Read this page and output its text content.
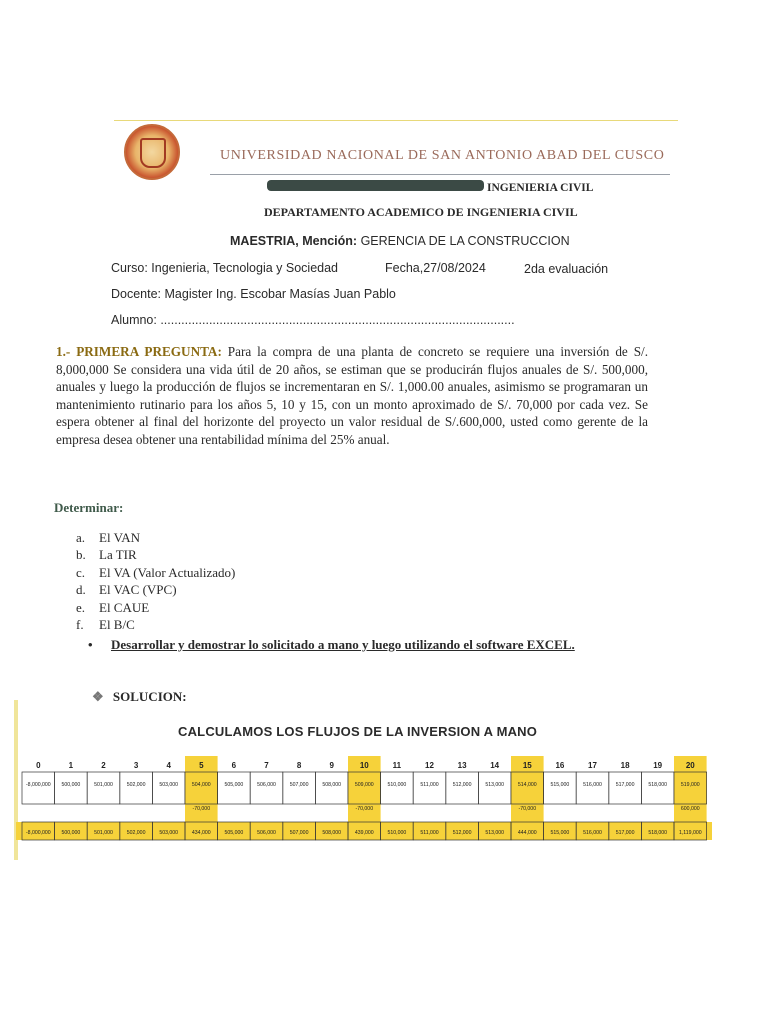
UNIVERSIDAD NACIONAL DE SAN ANTONIO ABAD DEL CUSCO
INGENIERIA CIVIL
DEPARTAMENTO ACADEMICO DE INGENIERIA CIVIL
MAESTRIA, Mención: GERENCIA DE LA CONSTRUCCION
Curso: Ingenieria, Tecnologia y Sociedad	Fecha,27/08/2024	2da evaluación
Docente: Magister Ing. Escobar Masías Juan Pablo
Alumno: ......................................................................................................
1.- PRIMERA PREGUNTA: Para la compra de una planta de concreto se requiere una inversión de S/. 8,000,000 Se considera una vida útil de 20 años, se estiman que se producirán flujos anuales de S/. 500,000, anuales y luego la producción de flujos se incrementaran en S/. 1,000.00 anuales, asimismo se programaran un mantenimiento rutinario para los años 5, 10 y 15, con un monto aproximado de S/. 70,000 por cada vez. Se espera obtener al final del horizonte del proyecto un valor residual de S/.600,000, usted como gerente de la empresa desea obtener una rentabilidad mínima del 25% anual.
Determinar:
a. El VAN
b. La TIR
c. El VA (Valor Actualizado)
d. El VAC (VPC)
e. El CAUE
f. El B/C
• Desarrollar y demostrar lo solicitado a mano y luego utilizando el software EXCEL.
❖ SOLUCION:
CALCULAMOS LOS FLUJOS DE LA INVERSION A MANO
0
-8,000,000
-8,000,000
1
500,000
500,000
2
501,000
501,000
3
502,000
502,000
4
503,000
503,000
5
504,000
-70,000
434,000
6
505,000
505,000
7
506,000
506,000
8
507,000
507,000
9
508,000
508,000
10
509,000
-70,000
439,000
11
510,000
510,000
12
511,000
511,000
13
512,000
512,000
14
513,000
513,000
15
514,000
-70,000
444,000
16
515,000
515,000
17
516,000
516,000
18
517,000
517,000
19
518,000
518,000
20
519,000
600,000
1,119,000
